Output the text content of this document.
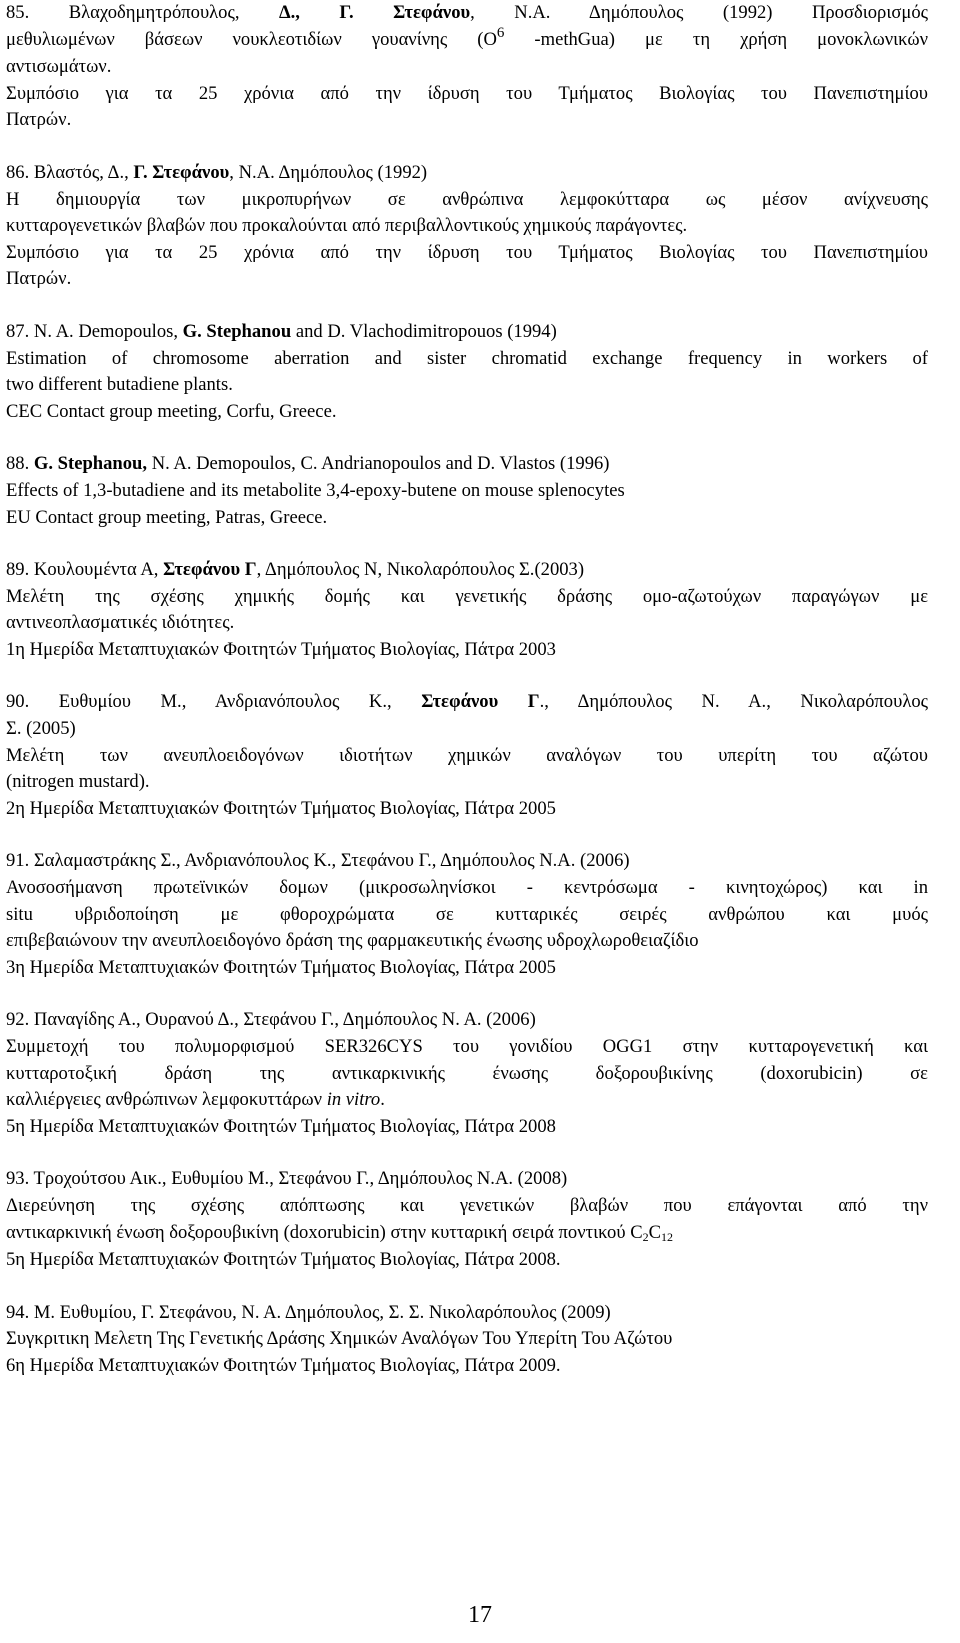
85. Βλαχοδημητρόπουλος, Δ., Γ. Στεφάνου, Ν.Α. Δημόπουλος (1992) Προσδιορισμός
μεθυλιωμένων βάσεων νουκλεοτιδίων γουανίνης ($O^6$ -methGua) με τη χρήση μονοκλωνικών
αντισωμάτων.
Συμπόσιο για τα 25 χρόνια από την ίδρυση του Τμήματος Βιολογίας του Πανεπιστημίου
Πατρών.
86. Βλαστός, Δ., Γ. Στεφάνου, Ν.Α. Δημόπουλος (1992)
Η δημιουργία των μικροπυρήνων σε ανθρώπινα λεμφοκύτταρα ως μέσον ανίχνευσης
κυτταρογενετικών βλαβών που προκαλούνται από περιβαλλοντικούς χημικούς παράγοντες.
Συμπόσιο για τα 25 χρόνια από την ίδρυση του Τμήματος Βιολογίας του Πανεπιστημίου
Πατρών.
87. N. A. Demopoulos, G. Stephanou and D. Vlachodimitropouos (1994)
Estimation of chromosome aberration and sister chromatid exchange frequency in workers of
two different butadiene plants.
CEC Contact group meeting, Corfu, Greece.
88. G. Stephanou, N. A. Demopoulos, C. Andrianopoulos and D. Vlastos (1996)
Effects of 1,3-butadiene and its metabolite 3,4-epoxy-butene on mouse splenocytes
EU Contact group meeting, Patras, Greece.
89. Κουλουμέντα Α, Στεφάνου Γ, Δημόπουλος Ν, Νικολαρόπουλος Σ.(2003)
Μελέτη της σχέσης χημικής δομής και γενετικής δράσης ομο-αζωτούχων παραγώγων με
αντινεοπλασματικές ιδιότητες.
1η Ημερίδα Μεταπτυχιακών Φοιτητών Τμήματος Βιολογίας, Πάτρα 2003
90. Ευθυμίου Μ., Ανδριανόπουλος Κ., Στεφάνου Γ., Δημόπουλος Ν. Α., Νικολαρόπουλος
Σ. (2005)
Μελέτη των ανευπλοειδογόνων ιδιοτήτων χημικών αναλόγων του υπερίτη του αζώτου
(nitrogen mustard).
2η Ημερίδα Μεταπτυχιακών Φοιτητών Τμήματος Βιολογίας, Πάτρα 2005
91. Σαλαμαστράκης Σ., Ανδριανόπουλος Κ., Στεφάνου Γ., Δημόπουλος Ν.Α. (2006)
Ανοσοσήμανση πρωτεϊνικών δομων (μικροσωληνίσκοι - κεντρόσωμα - κινητοχώρος) και in
situ υβριδοποίηση με φθοροχρώματα σε κυτταρικές σειρές ανθρώπου και μυός
επιβεβαιώνουν την ανευπλοειδογόνο δράση της φαρμακευτικής ένωσης υδροχλωροθειαζίδιο
3η Ημερίδα Μεταπτυχιακών Φοιτητών Τμήματος Βιολογίας, Πάτρα 2005
92. Παναγίδης Α., Ουρανού Δ., Στεφάνου Γ., Δημόπουλος Ν. Α. (2006)
Συμμετοχή του πολυμορφισμού SER326CYS του γονιδίου OGG1 στην κυτταρογενετική και
κυτταροτοξική δράση της αντικαρκινικής ένωσης δοξορουβικίνης (doxorubicin) σε
καλλιέργειες ανθρώπινων λεμφοκυττάρων in vitro.
5η Ημερίδα Μεταπτυχιακών Φοιτητών Τμήματος Βιολογίας, Πάτρα 2008
93. Τροχούτσου Αικ., Ευθυμίου Μ., Στεφάνου Γ., Δημόπουλος Ν.Α. (2008)
Διερεύνηση της σχέσης απόπτωσης και γενετικών βλαβών που επάγονται από την
αντικαρκινική ένωση δοξορουβικίνη (doxorubicin) στην κυτταρική σειρά ποντικού C2C12
5η Ημερίδα Μεταπτυχιακών Φοιτητών Τμήματος Βιολογίας, Πάτρα 2008.
94. Μ. Ευθυμίου, Γ. Στεφάνου, Ν. Α. Δημόπουλος, Σ. Σ. Νικολαρόπουλος (2009)
Συγκριτικη Μελετη Της Γενετικής Δράσης Χημικών Αναλόγων Του Υπερίτη Του Αζώτου
6η Ημερίδα Μεταπτυχιακών Φοιτητών Τμήματος Βιολογίας, Πάτρα 2009.
17
